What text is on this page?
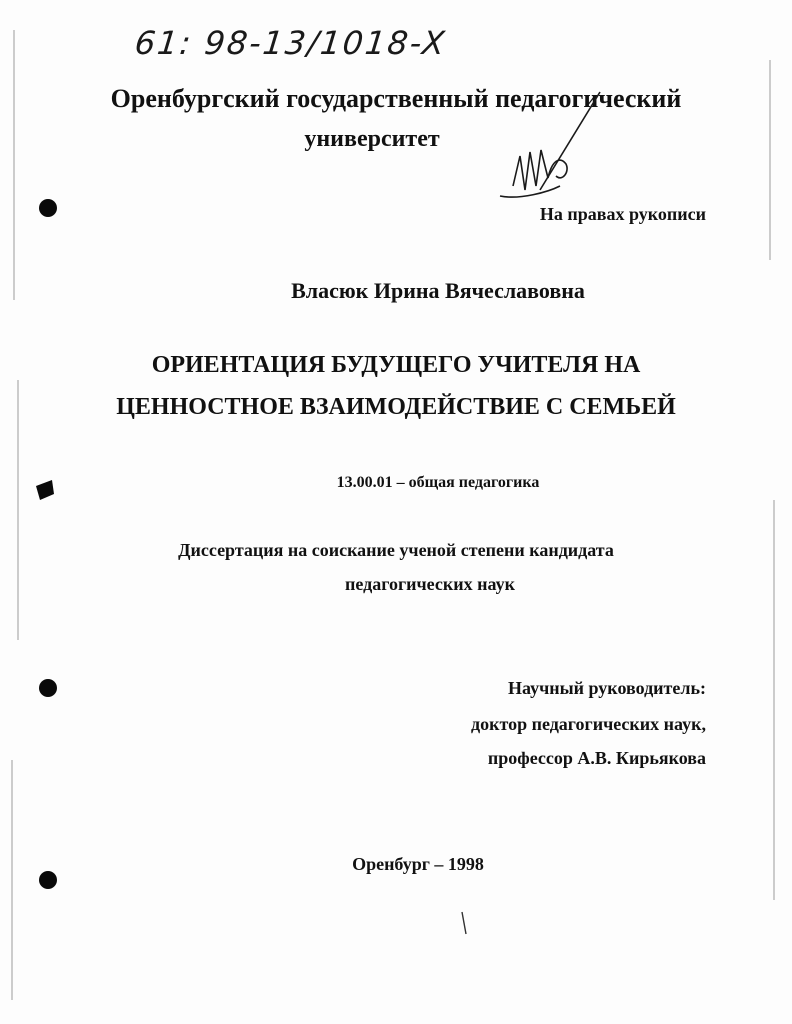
61: 98-13/1018-X
Оренбургский государственный педагогический
университет
На правах рукописи
Власюк Ирина Вячеславовна
ОРИЕНТАЦИЯ БУДУЩЕГО УЧИТЕЛЯ НА
ЦЕННОСТНОЕ ВЗАИМОДЕЙСТВИЕ С СЕМЬЕЙ
13.00.01 – общая педагогика
Диссертация на соискание ученой степени кандидата
педагогических наук
Научный руководитель:
доктор педагогических наук,
профессор А.В. Кирьякова
Оренбург – 1998
